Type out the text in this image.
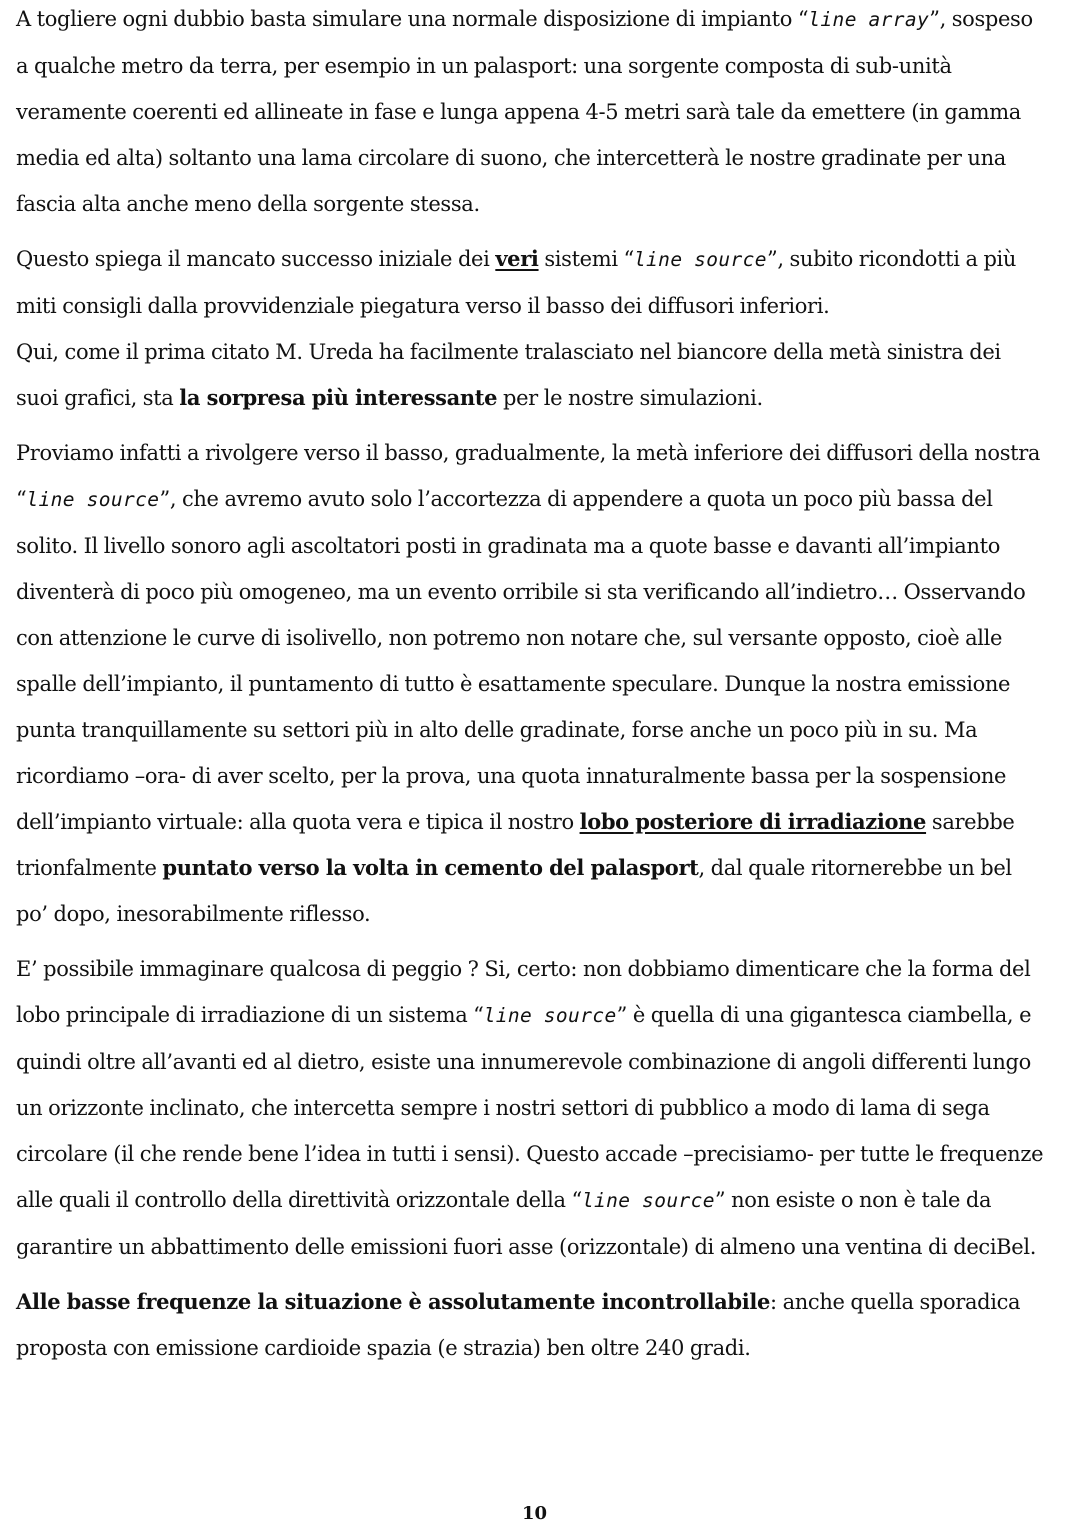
A togliere ogni dubbio basta simulare una normale disposizione di impianto “line array”, sospeso a qualche metro da terra, per esempio in un palasport: una sorgente composta di sub-unità veramente coerenti ed allineate in fase e lunga appena 4-5 metri sarà tale da emettere (in gamma media ed alta) soltanto una lama circolare di suono, che intercetterà le nostre gradinate per una fascia alta anche meno della sorgente stessa.

Questo spiega il mancato successo iniziale dei veri sistemi “line source”, subito ricondotti a più miti consigli dalla provvidenziale piegatura verso il basso dei diffusori inferiori.
Qui, come il prima citato M. Ureda ha facilmente tralasciato nel biancore della metà sinistra dei suoi grafici, sta la sorpresa più interessante per le nostre simulazioni.

Proviamo infatti a rivolgere verso il basso, gradualmente, la metà inferiore dei diffusori della nostra “line source”, che avremo avuto solo l’accortezza di appendere a quota un poco più bassa del solito. Il livello sonoro agli ascoltatori posti in gradinata ma a quote basse e davanti all’impianto diventerà di poco più omogeneo, ma un evento orribile si sta verificando all’indietro… Osservando con attenzione le curve di isolivello, non potremo non notare che, sul versante opposto, cioè alle spalle dell’impianto, il puntamento di tutto è esattamente speculare. Dunque la nostra emissione punta tranquillamente su settori più in alto delle gradinate, forse anche un poco più in su. Ma ricordiamo –ora- di aver scelto, per la prova, una quota innaturalmente bassa per la sospensione dell’impianto virtuale: alla quota vera e tipica il nostro lobo posteriore di irradiazione sarebbe trionfalmente puntato verso la volta in cemento del palasport, dal quale ritornerebbe un bel po’ dopo, inesorabilmente riflesso.

E’ possibile immaginare qualcosa di peggio ? Si, certo: non dobbiamo dimenticare che la forma del lobo principale di irradiazione di un sistema “line source” è quella di una gigantesca ciambella, e quindi oltre all’avanti ed al dietro, esiste una innumerevole combinazione di angoli differenti lungo un orizzonte inclinato, che intercetta sempre i nostri settori di pubblico a modo di lama di sega circolare (il che rende bene l’idea in tutti i sensi). Questo accade –precisiamo- per tutte le frequenze alle quali il controllo della direttività orizzontale della “line source” non esiste o non è tale da garantire un abbattimento delle emissioni fuori asse (orizzontale) di almeno una ventina di deciBel.

Alle basse frequenze la situazione è assolutamente incontrollabile: anche quella sporadica proposta con emissione cardioide spazia (e strazia) ben oltre 240 gradi.

10
